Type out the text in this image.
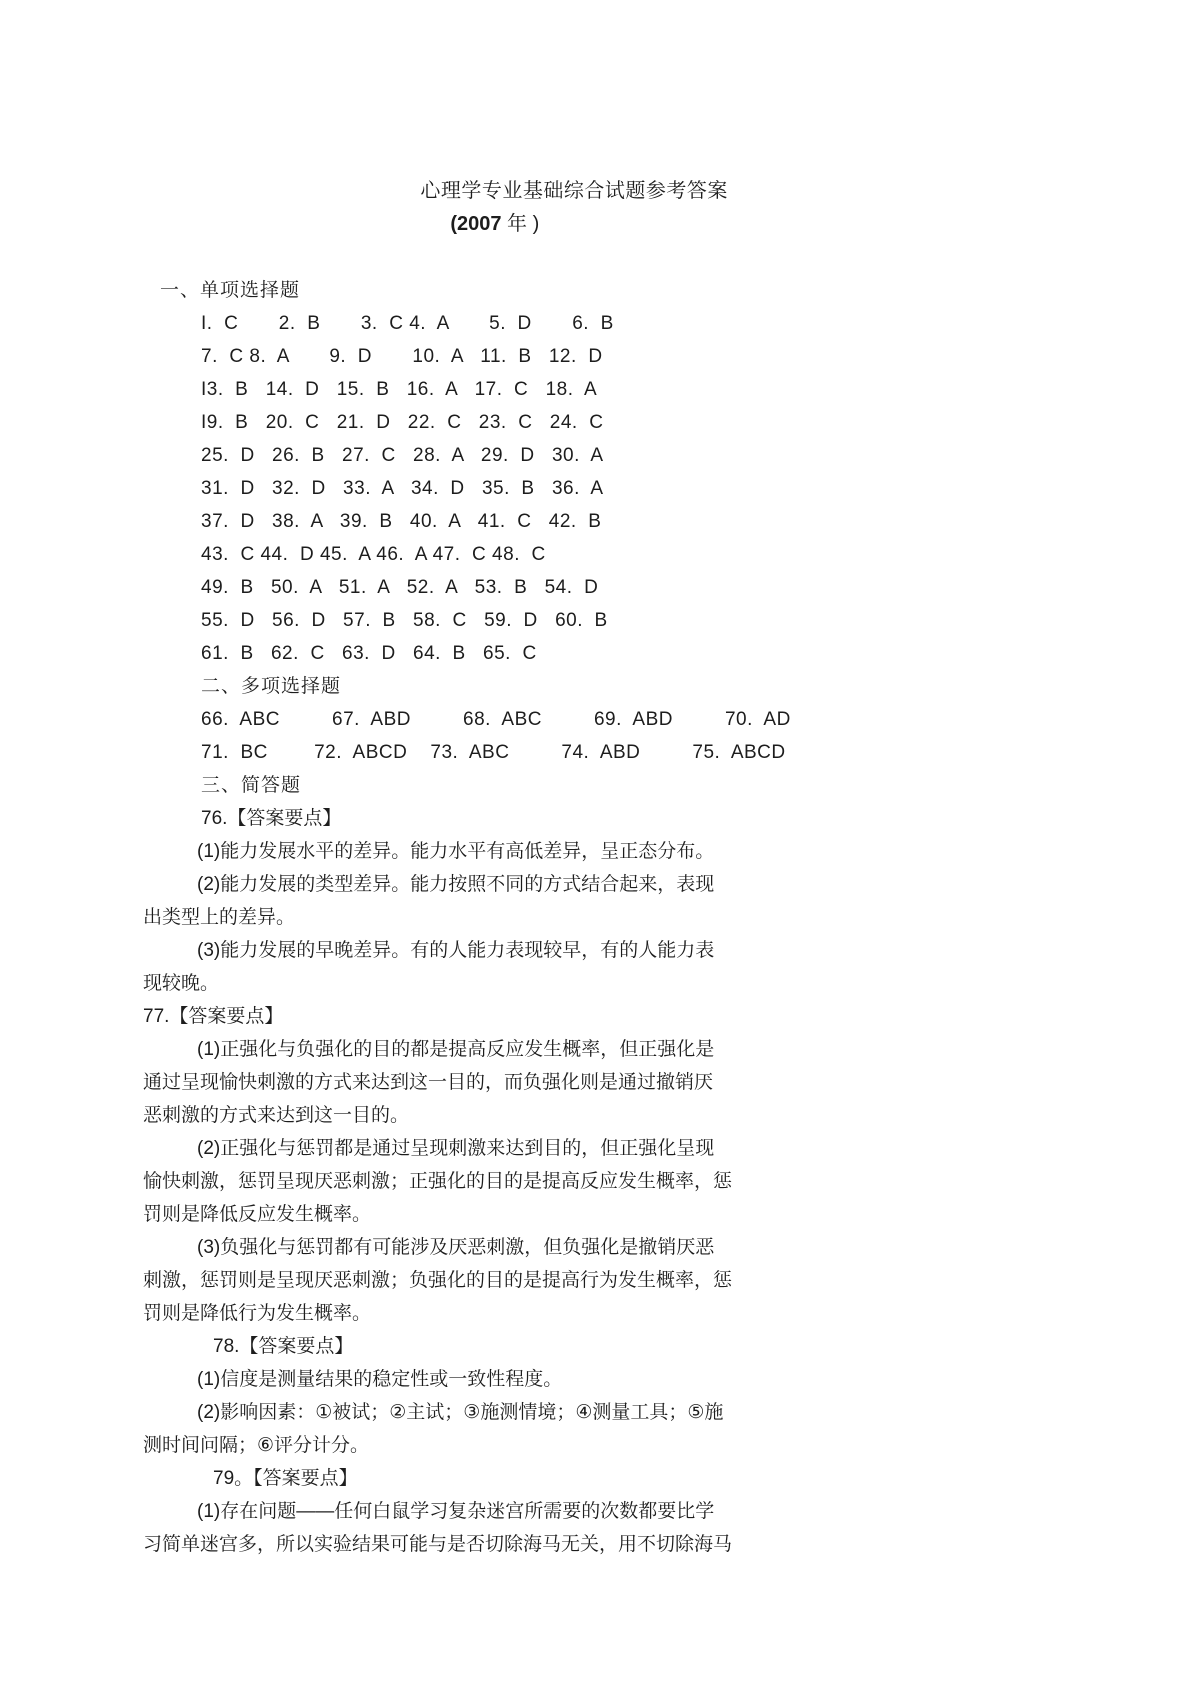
心理学专业基础综合试题参考答案
(2007 年 )

一、单项选择题
I.  C       2.  B       3.  C 4.  A       5.  D       6.  B
7.  C 8.  A       9.  D       10.  A   11.  B   12.  D
I3.  B   14.  D   15.  B   16.  A   17.  C   18.  A
I9.  B   20.  C   21.  D   22.  C   23.  C   24.  C
25.  D   26.  B   27.  C   28.  A   29.  D   30.  A
31.  D   32.  D   33.  A   34.  D   35.  B   36.  A
37.  D   38.  A   39.  B   40.  A   41.  C   42.  B
43.  C 44.  D 45.  A 46.  A 47.  C 48.  C
49.  B   50.  A   51.  A   52.  A   53.  B   54.  D
55.  D   56.  D   57.  B   58.  C   59.  D   60.  B
61.  B   62.  C   63.  D   64.  B   65.  C
二、多项选择题
66.  ABC         67.  ABD         68.  ABC         69.  ABD         70.  AD
71.  BC        72.  ABCD    73.  ABC         74.  ABD         75.  ABCD
三、简答题
76.【答案要点】
(1)能力发展水平的差异。能力水平有高低差异，呈正态分布。
(2)能力发展的类型差异。能力按照不同的方式结合起来，表现
出类型上的差异。
(3)能力发展的早晚差异。有的人能力表现较早，有的人能力表
现较晚。
77.【答案要点】
(1)正强化与负强化的目的都是提高反应发生概率，但正强化是
通过呈现愉快刺激的方式来达到这一目的，而负强化则是通过撤销厌
恶刺激的方式来达到这一目的。
(2)正强化与惩罚都是通过呈现刺激来达到目的，但正强化呈现
愉快刺激，惩罚呈现厌恶刺激；正强化的目的是提高反应发生概率，惩
罚则是降低反应发生概率。
(3)负强化与惩罚都有可能涉及厌恶刺激，但负强化是撤销厌恶
刺激，惩罚则是呈现厌恶刺激；负强化的目的是提高行为发生概率，惩
罚则是降低行为发生概率。
78.【答案要点】
(1)信度是测量结果的稳定性或一致性程度。
(2)影响因素：①被试；②主试；③施测情境；④测量工具；⑤施
测时间问隔；⑥评分计分。
79。【答案要点】
(1)存在问题——任何白鼠学习复杂迷宫所需要的次数都要比学
习简单迷宫多，所以实验结果可能与是否切除海马无关，用不切除海马
